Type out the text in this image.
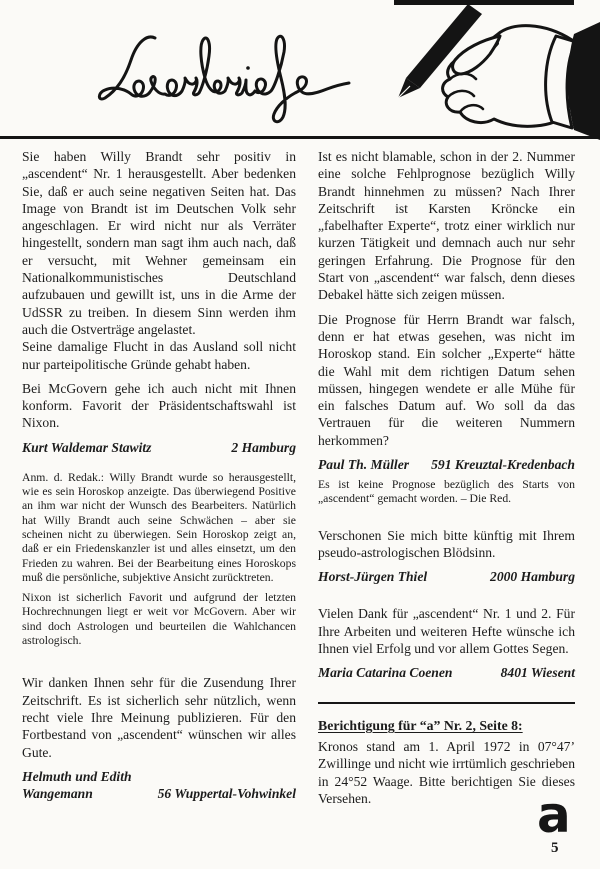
Sie haben Willy Brandt sehr positiv in „ascendent“ Nr. 1 herausgestellt. Aber bedenken Sie, daß er auch seine negativen Seiten hat. Das Image von Brandt ist im Deutschen Volk sehr angeschlagen. Er wird nicht nur als Verräter hingestellt, sondern man sagt ihm auch nach, daß er versucht, mit Wehner gemeinsam ein Nationalkommunistisches Deutschland aufzubauen und gewillt ist, uns in die Arme der UdSSR zu treiben. In diesem Sinn werden ihm auch die Ostverträge angelastet.

Seine damalige Flucht in das Ausland soll nicht nur parteipolitische Gründe gehabt haben.

Bei McGovern gehe ich auch nicht mit Ihnen konform. Favorit der Präsidentschaftswahl ist Nixon.

Kurt Waldemar Stawitz	2 Hamburg

Anm. d. Redak.: Willy Brandt wurde so herausgestellt, wie es sein Horoskop anzeigte. Das überwiegend Positive an ihm war nicht der Wunsch des Bearbeiters. Natürlich hat Willy Brandt auch seine Schwächen – aber sie scheinen nicht zu überwiegen. Sein Horoskop zeigt an, daß er ein Friedenskanzler ist und alles einsetzt, um den Frieden zu wahren. Bei der Bearbeitung eines Horoskops muß die persönliche, subjektive Ansicht zurücktreten.

Nixon ist sicherlich Favorit und aufgrund der letzten Hochrechnungen liegt er weit vor McGovern. Aber wir sind doch Astrologen und beurteilen die Wahlchancen astrologisch.

Wir danken Ihnen sehr für die Zusendung Ihrer Zeitschrift. Es ist sicherlich sehr nützlich, wenn recht viele Ihre Meinung publizieren. Für den Fortbestand von „ascendent“ wünschen wir alles Gute.

Helmuth und Edith
Wangemann	56 Wuppertal-Vohwinkel

Ist es nicht blamable, schon in der 2. Nummer eine solche Fehlprognose bezüglich Willy Brandt hinnehmen zu müssen? Nach Ihrer Zeitschrift ist Karsten Kröncke ein „fabelhafter Experte“, trotz einer wirklich nur kurzen Tätigkeit und demnach auch nur sehr geringen Erfahrung. Die Prognose für den Start von „ascendent“ war falsch, denn dieses Debakel hätte sich zeigen müssen.

Die Prognose für Herrn Brandt war falsch, denn er hat etwas gesehen, was nicht im Horoskop stand. Ein solcher „Experte“ hätte die Wahl mit dem richtigen Datum sehen müssen, hingegen wendete er alle Mühe für ein falsches Datum auf. Wo soll da das Vertrauen für die weiteren Nummern herkommen?

Paul Th. Müller 591 Kreuztal-Kredenbach

Es ist keine Prognose bezüglich des Starts von „ascendent“ gemacht worden. – Die Red.

Verschonen Sie mich bitte künftig mit Ihrem pseudo-astrologischen Blödsinn.

Horst-Jürgen Thiel	2000 Hamburg

Vielen Dank für „ascendent“ Nr. 1 und 2. Für Ihre Arbeiten und weiteren Hefte wünsche ich Ihnen viel Erfolg und vor allem Gottes Segen.

Maria Catarina Coenen	8401 Wiesent
Berichtigung für “a” Nr. 2, Seite 8:

Kronos stand am 1. April 1972 in 07°47’ Zwillinge und nicht wie irrtümlich geschrieben in 24°52 Waage. Bitte berichtigen Sie dieses Versehen.	a
5
